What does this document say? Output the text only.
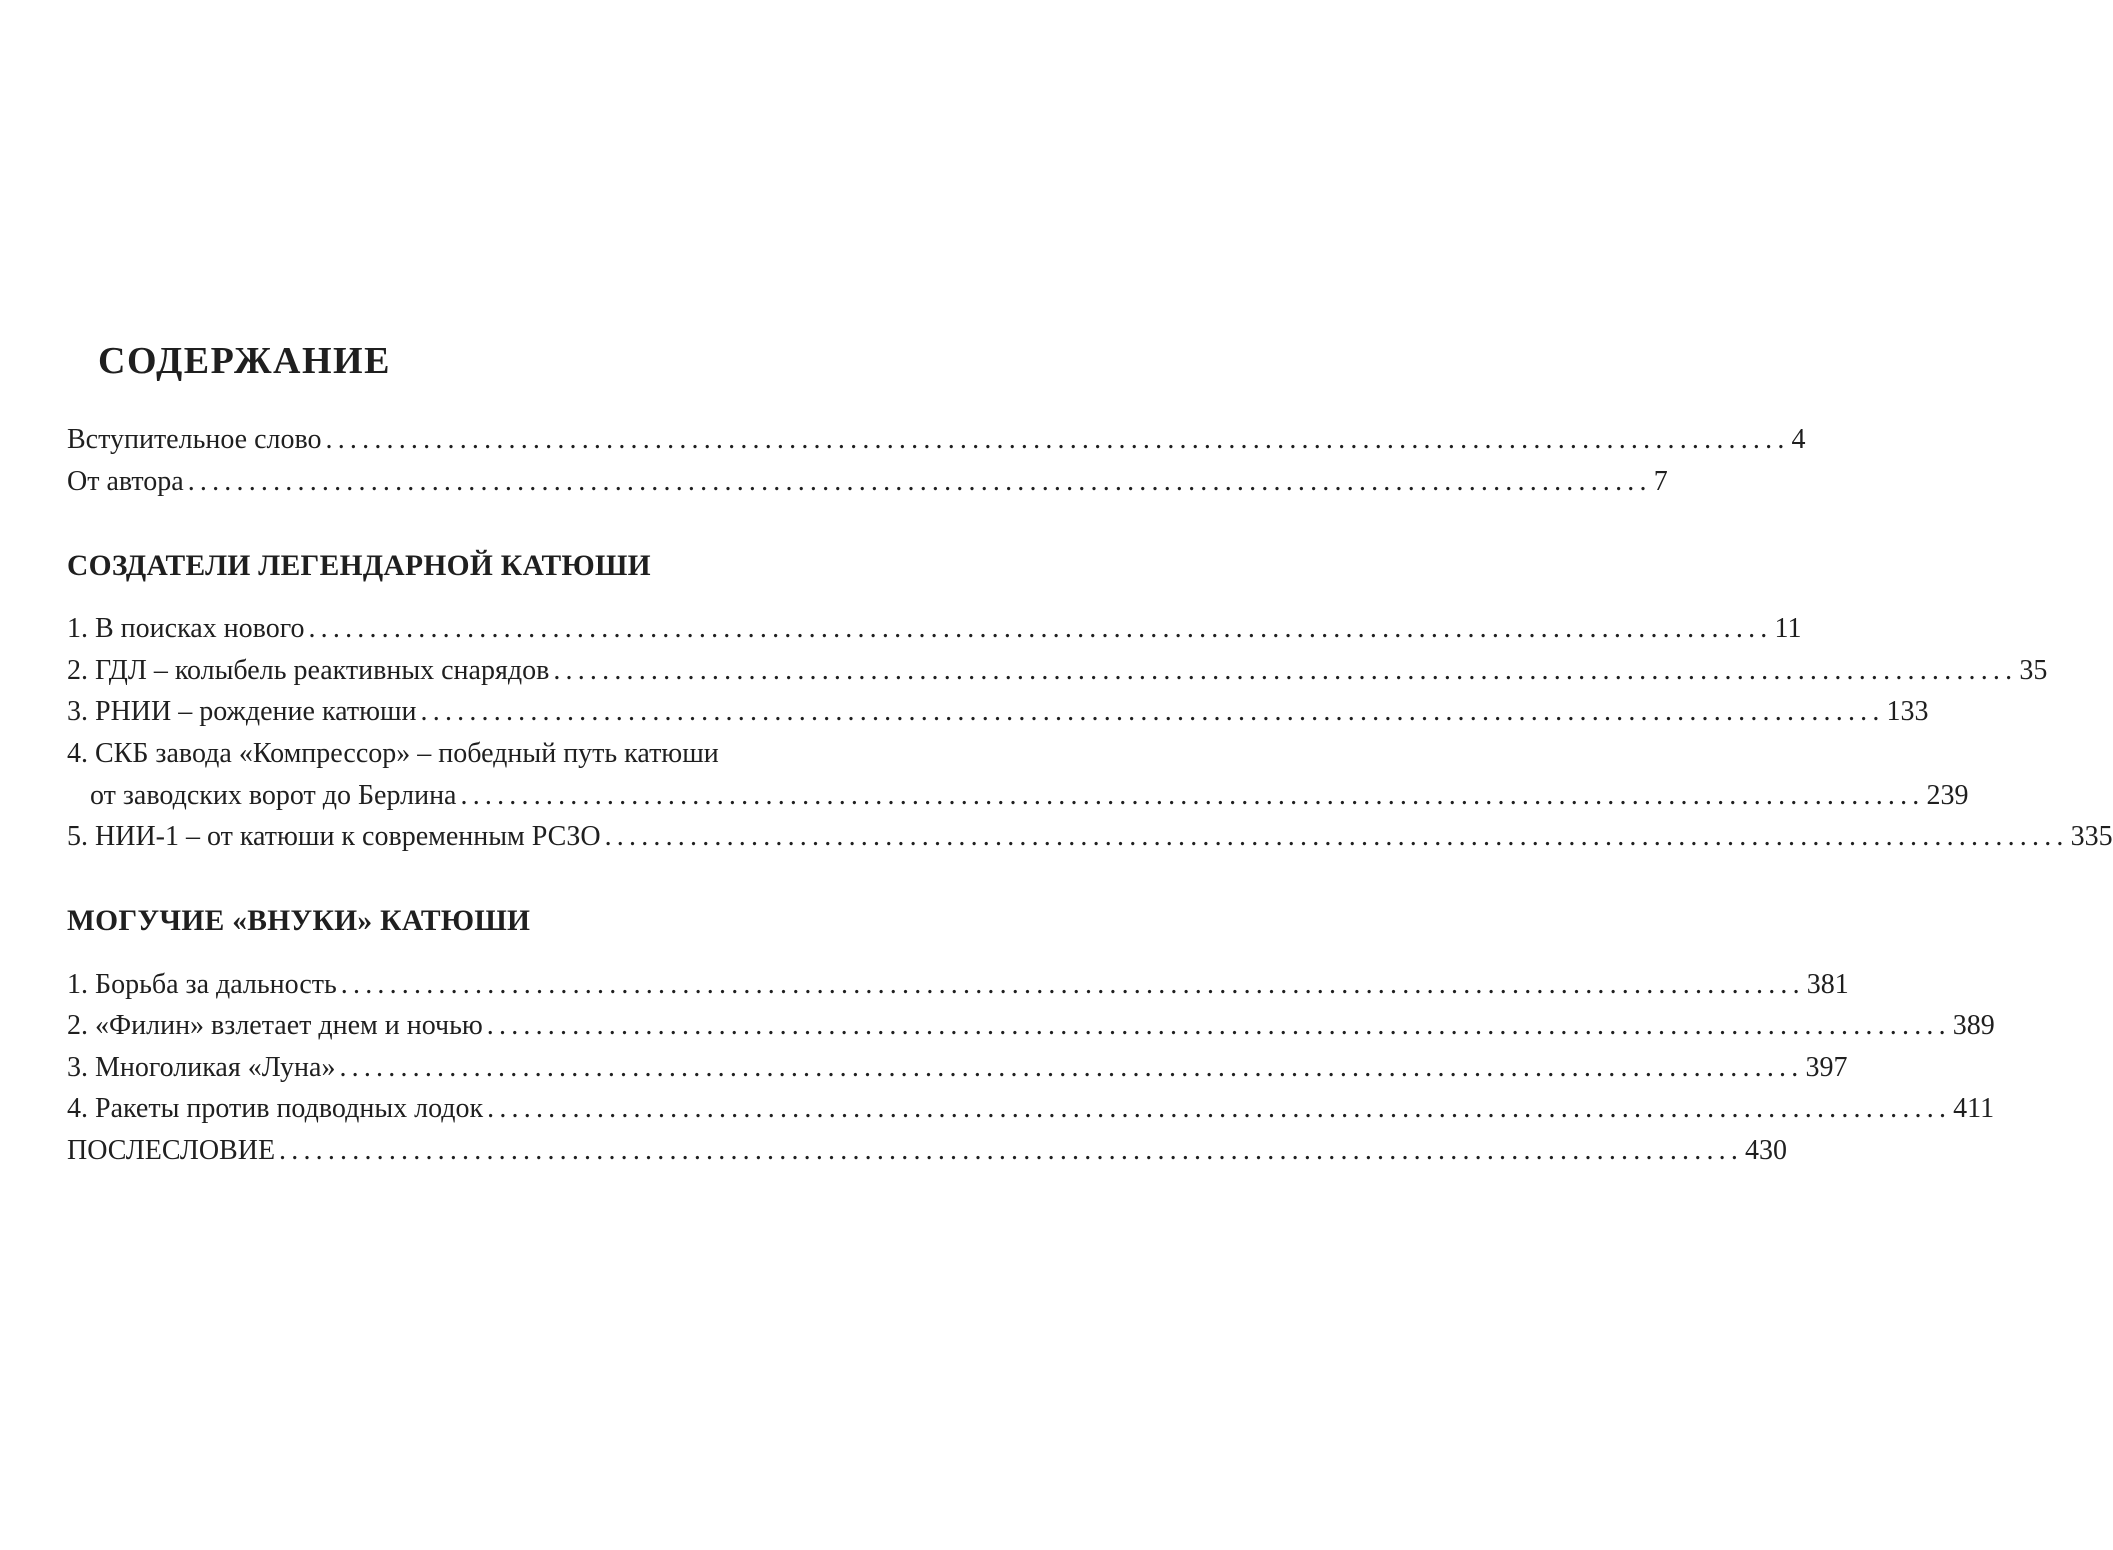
СОДЕРЖАНИЕ
Вступительное слово ........................................................................................................................ 4
От автора ........................................................................................................................ 7
СОЗДАТЕЛИ ЛЕГЕНДАРНОЙ КАТЮШИ
1. В поисках нового ........................................................................................................................ 11
2. ГДЛ – колыбель реактивных снарядов ........................................................................................................................ 35
3. РНИИ – рождение катюши ........................................................................................................................ 133
4. СКБ завода «Компрессор» – победный путь катюши
от заводских ворот до Берлина ........................................................................................................................ 239
5. НИИ-1 – от катюши к современным РСЗО ........................................................................................................................ 335
МОГУЧИЕ «ВНУКИ» КАТЮШИ
1. Борьба за дальность ........................................................................................................................ 381
2. «Филин» взлетает днем и ночью ........................................................................................................................ 389
3. Многоликая «Луна» ........................................................................................................................ 397
4. Ракеты против подводных лодок ........................................................................................................................ 411
ПОСЛЕСЛОВИЕ ........................................................................................................................ 430
